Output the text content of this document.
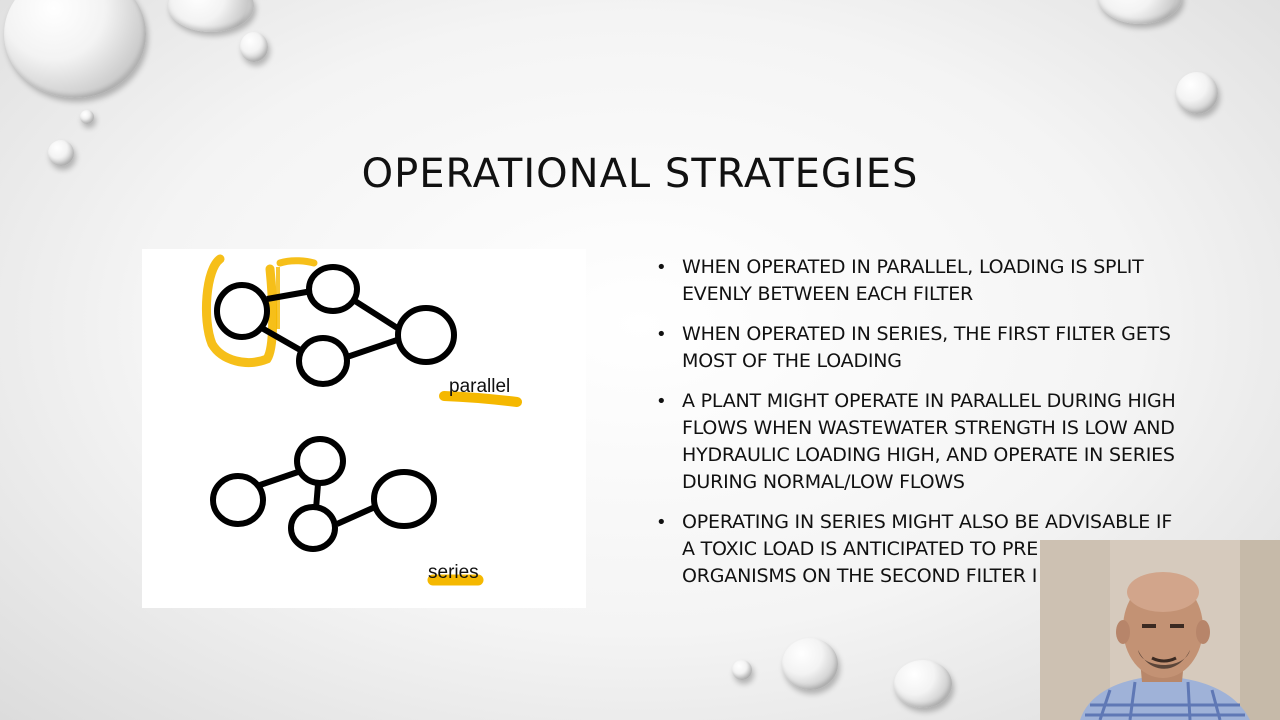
OPERATIONAL STRATEGIES
parallel
series
• WHEN OPERATED IN PARALLEL, LOADING IS SPLIT EVENLY BETWEEN EACH FILTER
• WHEN OPERATED IN SERIES, THE FIRST FILTER GETS MOST OF THE LOADING
• A PLANT MIGHT OPERATE IN PARALLEL DURING HIGH FLOWS WHEN WASTEWATER STRENGTH IS LOW AND HYDRAULIC LOADING HIGH, AND OPERATE IN SERIES DURING NORMAL/LOW FLOWS
• OPERATING IN SERIES MIGHT ALSO BE ADVISABLE IF A TOXIC LOAD IS ANTICIPATED TO PRE
ORGANISMS ON THE SECOND FILTER I
